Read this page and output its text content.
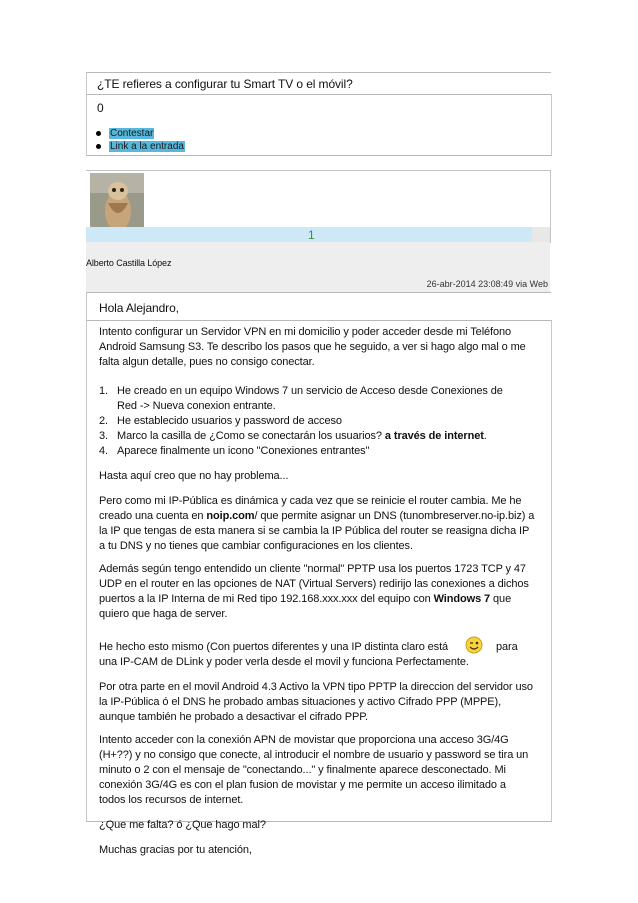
¿TE refieres a configurar tu Smart TV o el móvil?
0
Contestar
Link a la entrada
1
Alberto Castilla López
26-abr-2014 23:08:49 via Web
Hola Alejandro,

Intento configurar un Servidor VPN en mi domicilio y poder acceder desde mi Teléfono Android Samsung S3. Te describo los pasos que he seguido, a ver si hago algo mal o me falta algun detalle, pues no consigo conectar.

1. He creado en un equipo Windows 7 un servicio de Acceso desde Conexiones de Red -> Nueva conexion entrante.
2. He establecido usuarios y password de acceso
3. Marco la casilla de ¿Como se conectarán los usuarios? a través de internet.
4. Aparece finalmente un icono "Conexiones entrantes"

Hasta aquí creo que no hay problema...

Pero como mi IP-Pública es dinámica y cada vez que se reinicie el router cambia. Me he creado una cuenta en noip.com/ que permite asignar un DNS (tunombreserver.no-ip.biz) a la IP que tengas de esta manera si se cambia la IP Pública del router se reasigna dicha IP a tu DNS y no tienes que cambiar configuraciones en los clientes.

Además según tengo entendido un cliente "normal" PPTP usa los puertos 1723 TCP y 47 UDP en el router en las opciones de NAT (Virtual Servers) redirijo las conexiones a dichos puertos a la IP Interna de mi Red tipo 192.168.xxx.xxx del equipo con Windows 7 que quiero que haga de server.

He hecho esto mismo (Con puertos diferentes y una IP distinta claro está	para una IP-CAM de DLink y poder verla desde el movil y funciona Perfectamente.

Por otra parte en el movil Android 4.3 Activo la VPN tipo PPTP la direccion del servidor uso la IP-Pública ó el DNS he probado ambas situaciones y activo Cifrado PPP (MPPE), aunque también he probado a desactivar el cifrado PPP.

Intento acceder con la conexión APN de movistar que proporciona una acceso 3G/4G (H+??) y no consigo que conecte, al introducir el nombre de usuario y password se tira un minuto o 2 con el mensaje de "conectando..." y finalmente aparece desconectado. Mi conexión 3G/4G es con el plan fusion de movistar y me permite un acceso ilimitado a todos los recursos de internet.

¿Que me falta? ó ¿Que hago mal?

Muchas gracias por tu atención,
